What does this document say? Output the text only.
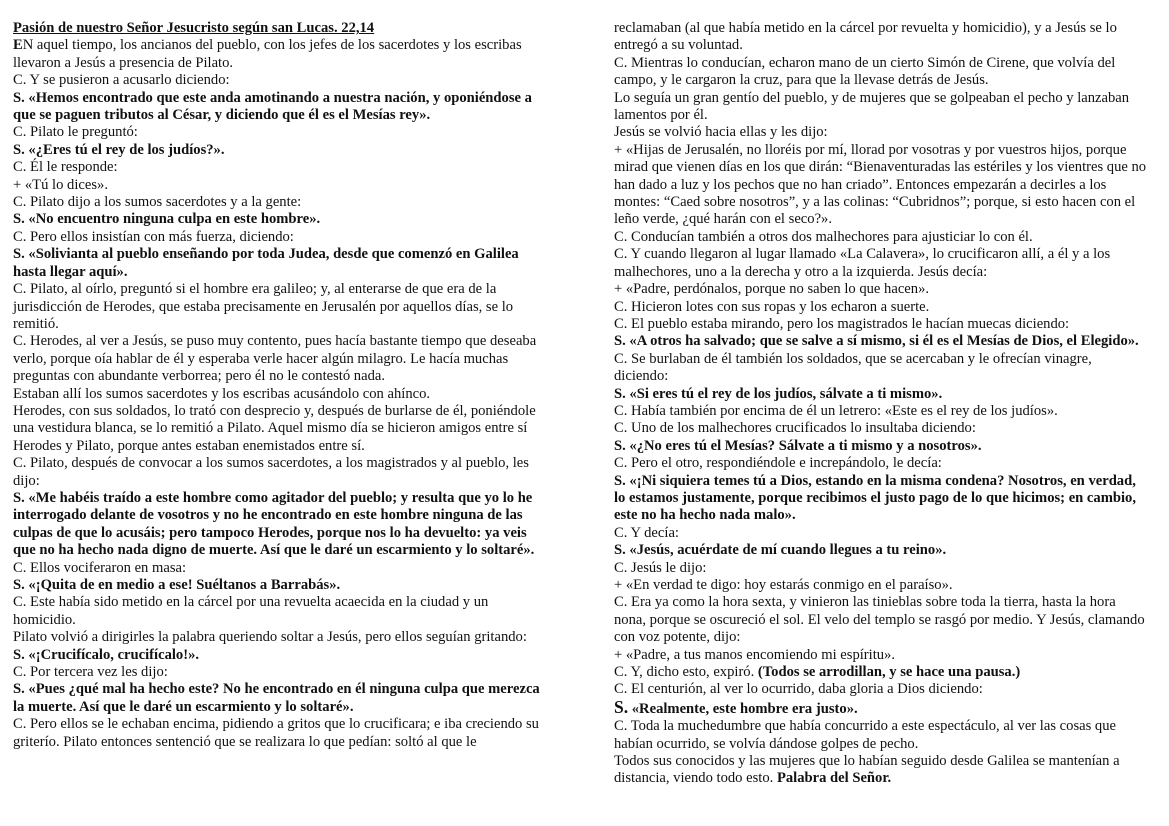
Pasión de nuestro Señor Jesucristo según san Lucas. 22,14

EN aquel tiempo, los ancianos del pueblo, con los jefes de los sacerdotes y los escribas llevaron a Jesús a presencia de Pilato.

C. Y se pusieron a acusarlo diciendo:

S. «Hemos encontrado que este anda amotinando a nuestra nación, y oponiéndose a que se paguen tributos al César, y diciendo que él es el Mesías rey».

C. Pilato le preguntó:

S. «¿Eres tú el rey de los judíos?».

C. Él le responde:

+ «Tú lo dices».

C. Pilato dijo a los sumos sacerdotes y a la gente:

S. «No encuentro ninguna culpa en este hombre».

C. Pero ellos insistían con más fuerza, diciendo:

S. «Solivianta al pueblo enseñando por toda Judea, desde que comenzó en Galilea hasta llegar aquí».

C. Pilato, al oírlo, preguntó si el hombre era galileo; y, al enterarse de que era de la jurisdicción de Herodes, que estaba precisamente en Jerusalén por aquellos días, se lo remitió.

C. Herodes, al ver a Jesús, se puso muy contento, pues hacía bastante tiempo que deseaba verlo, porque oía hablar de él y esperaba verle hacer algún milagro. Le hacía muchas preguntas con abundante verborrea; pero él no le contestó nada.

Estaban allí los sumos sacerdotes y los escribas acusándolo con ahínco.

Herodes, con sus soldados, lo trató con desprecio y, después de burlarse de él, poniéndole una vestidura blanca, se lo remitió a Pilato. Aquel mismo día se hicieron amigos entre sí Herodes y Pilato, porque antes estaban enemistados entre sí.

C. Pilato, después de convocar a los sumos sacerdotes, a los magistrados y al pueblo, les dijo:

S. «Me habéis traído a este hombre como agitador del pueblo; y resulta que yo lo he interrogado delante de vosotros y no he encontrado en este hombre ninguna de las culpas de que lo acusáis; pero tampoco Herodes, porque nos lo ha devuelto: ya veis que no ha hecho nada digno de muerte. Así que le daré un escarmiento y lo soltaré».

C. Ellos vociferaron en masa:

S. «¡Quita de en medio a ese! Suéltanos a Barrabás».

C. Este había sido metido en la cárcel por una revuelta acaecida en la ciudad y un homicidio.

Pilato volvió a dirigirles la palabra queriendo soltar a Jesús, pero ellos seguían gritando:

S. «¡Crucifícalo, crucifícalo!».

C. Por tercera vez les dijo:

S. «Pues ¿qué mal ha hecho este? No he encontrado en él ninguna culpa que merezca la muerte. Así que le daré un escarmiento y lo soltaré».

C. Pero ellos se le echaban encima, pidiendo a gritos que lo crucificara; e iba creciendo su griterío. Pilato entonces sentenció que se realizara lo que pedían: soltó al que le

reclamaban (al que había metido en la cárcel por revuelta y homicidio), y a Jesús se lo entregó a su voluntad.

C. Mientras lo conducían, echaron mano de un cierto Simón de Cirene, que volvía del campo, y le cargaron la cruz, para que la llevase detrás de Jesús.

Lo seguía un gran gentío del pueblo, y de mujeres que se golpeaban el pecho y lanzaban lamentos por él.

Jesús se volvió hacia ellas y les dijo:

+ «Hijas de Jerusalén, no lloréis por mí, llorad por vosotras y por vuestros hijos, porque mirad que vienen días en los que dirán: “Bienaventuradas las estériles y los vientres que no han dado a luz y los pechos que no han criado”. Entonces empezarán a decirles a los montes: “Caed sobre nosotros”, y a las colinas: “Cubridnos”; porque, si esto hacen con el leño verde, ¿qué harán con el seco?».

C. Conducían también a otros dos malhechores para ajusticiar lo con él.

C. Y cuando llegaron al lugar llamado «La Calavera», lo crucificaron allí, a él y a los malhechores, uno a la derecha y otro a la izquierda. Jesús decía:

+ «Padre, perdónalos, porque no saben lo que hacen».

C. Hicieron lotes con sus ropas y los echaron a suerte.

C. El pueblo estaba mirando, pero los magistrados le hacían muecas diciendo:

S. «A otros ha salvado; que se salve a sí mismo, si él es el Mesías de Dios, el Elegido».

C. Se burlaban de él también los soldados, que se acercaban y le ofrecían vinagre, diciendo:

S. «Si eres tú el rey de los judíos, sálvate a ti mismo».

C. Había también por encima de él un letrero: «Este es el rey de los judíos».

C. Uno de los malhechores crucificados lo insultaba diciendo:

S. «¿No eres tú el Mesías? Sálvate a ti mismo y a nosotros».

C. Pero el otro, respondiéndole e increpándolo, le decía:

S. «¡Ni siquiera temes tú a Dios, estando en la misma condena? Nosotros, en verdad, lo estamos justamente, porque recibimos el justo pago de lo que hicimos; en cambio, este no ha hecho nada malo».

C. Y decía:

S. «Jesús, acuérdate de mí cuando llegues a tu reino».

C. Jesús le dijo:

+ «En verdad te digo: hoy estarás conmigo en el paraíso».

C. Era ya como la hora sexta, y vinieron las tinieblas sobre toda la tierra, hasta la hora nona, porque se oscureció el sol. El velo del templo se rasgó por medio. Y Jesús, clamando con voz potente, dijo:

+ «Padre, a tus manos encomiendo mi espíritu».

C. Y, dicho esto, expiró. (Todos se arrodillan, y se hace una pausa.)

C. El centurión, al ver lo ocurrido, daba gloria a Dios diciendo:

S. «Realmente, este hombre era justo».

C. Toda la muchedumbre que había concurrido a este espectáculo, al ver las cosas que habían ocurrido, se volvía dándose golpes de pecho.

Todos sus conocidos y las mujeres que lo habían seguido desde Galilea se mantenían a distancia, viendo todo esto. Palabra del Señor.
